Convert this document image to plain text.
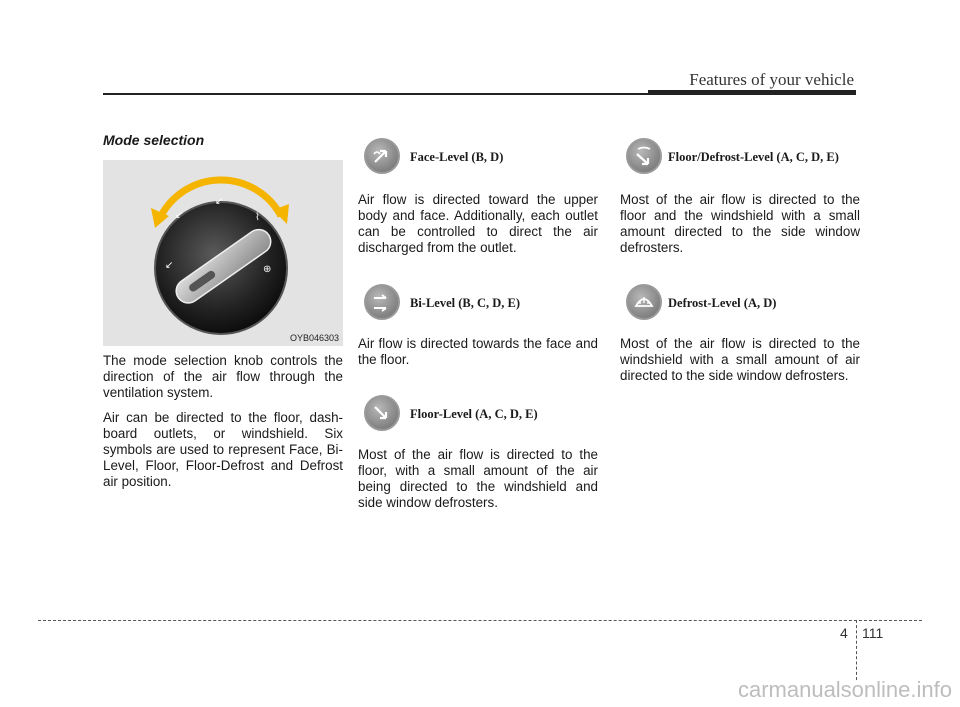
Features of your vehicle
Mode selection
↙
↙
⌇
↙	⊕
OYB046303

The mode selection knob controls the direction of the air flow through the ventilation system.

Air can be directed to the floor, dash-board outlets, or windshield. Six symbols are used to represent Face, Bi-Level, Floor, Floor-Defrost and Defrost air position.

Face-Level (B, D)

Air flow is directed toward the upper body and face. Additionally, each outlet can be controlled to direct the air discharged from the outlet.

Bi-Level (B, C, D, E)

Air flow is directed towards the face and the floor.

Floor-Level (A, C, D, E)

Most of the air flow is directed to the floor, with a small amount of the air being directed to the windshield and side window defrosters.

Floor/Defrost-Level (A, C, D, E)

Most of the air flow is directed to the floor and the windshield with a small amount directed to the side window defrosters.

Defrost-Level (A, D)

Most of the air flow is directed to the windshield with a small amount of air directed to the side window defrosters.

4 111
carmanualsonline.info
